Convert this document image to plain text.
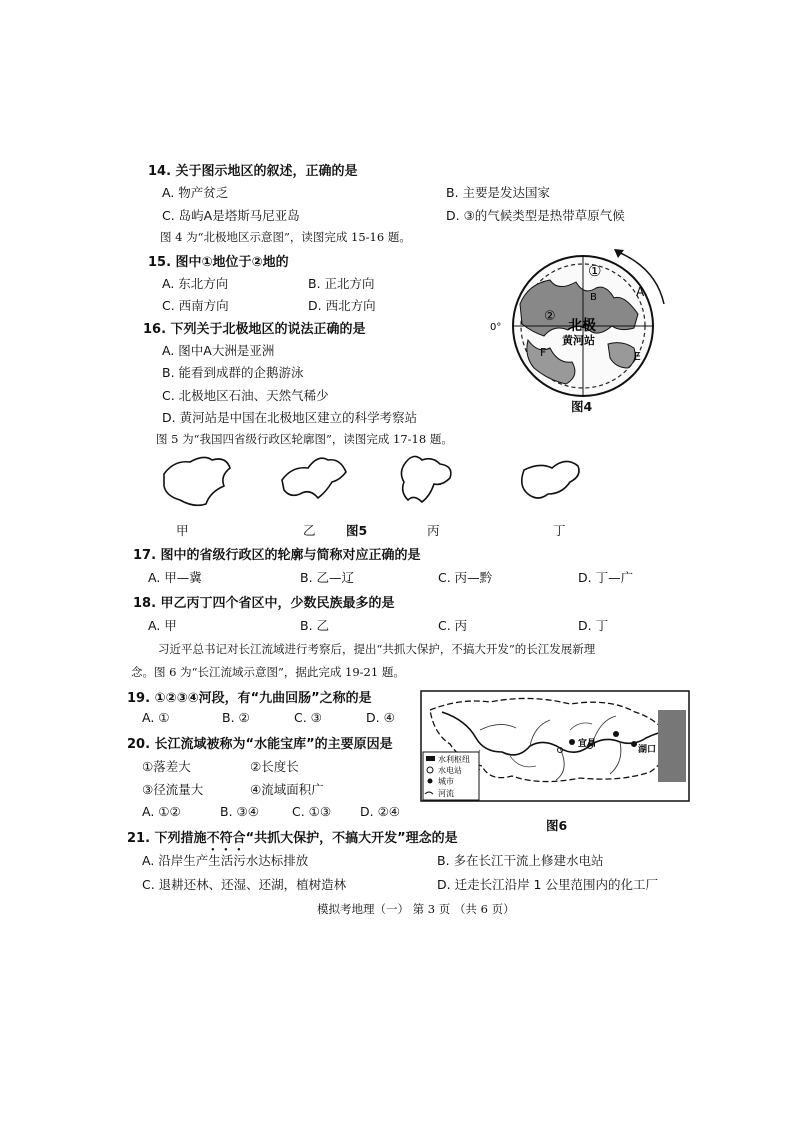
14. 关于图示地区的叙述，正确的是
A. 物产贫乏	B. 主要是发达国家
C. 岛屿A是塔斯马尼亚岛	D. ③的气候类型是热带草原气候
图 4 为“北极地区示意图”，读图完成 15-16 题。
15. 图中①地位于②地的
A. 东北方向	B. 正北方向
C. 西南方向	D. 西北方向
16. 下列关于北极地区的说法正确的是
A. 图中A大洲是亚洲
B. 能看到成群的企鹅游泳
C. 北极地区石油、天然气稀少
D. 黄河站是中国在北极地区建立的科学考察站
0°	北极
黄河站
①
②
A
B
E
F
图4
图 5 为“我国四省级行政区轮廓图”，读图完成 17-18 题。
甲	乙 图5	丙	丁
17. 图中的省级行政区的轮廓与简称对应正确的是
A. 甲—冀	B. 乙—辽	C. 丙—黔	D. 丁—广
18. 甲乙丙丁四个省区中，少数民族最多的是
A. 甲	B. 乙	C. 丙	D. 丁
习近平总书记对长江流域进行考察后，提出“共抓大保护，不搞大开发”的长江发展新理
念。图 6 为“长江流域示意图”，据此完成 19-21 题。
19. ①②③④河段，有“九曲回肠”之称的是
A. ①	B. ②	C. ③	D. ④
20. 长江流域被称为“水能宝库”的主要原因是
①落差大	②长度长
③径流量大	④流域面积广
A. ①②	B. ③④	C. ①③ D. ②④
宜昌
湖口
水利枢纽
水电站
城市
河流
图6
21. 下列措施不符合“共抓大保护，不搞大开发”理念的是
A. 沿岸生产生活污水达标排放	B. 多在长江干流上修建水电站
C. 退耕还林、还湿、还湖，植树造林	D. 迁走长江沿岸 1 公里范围内的化工厂
模拟考地理（一） 第 3 页 （共 6 页）
